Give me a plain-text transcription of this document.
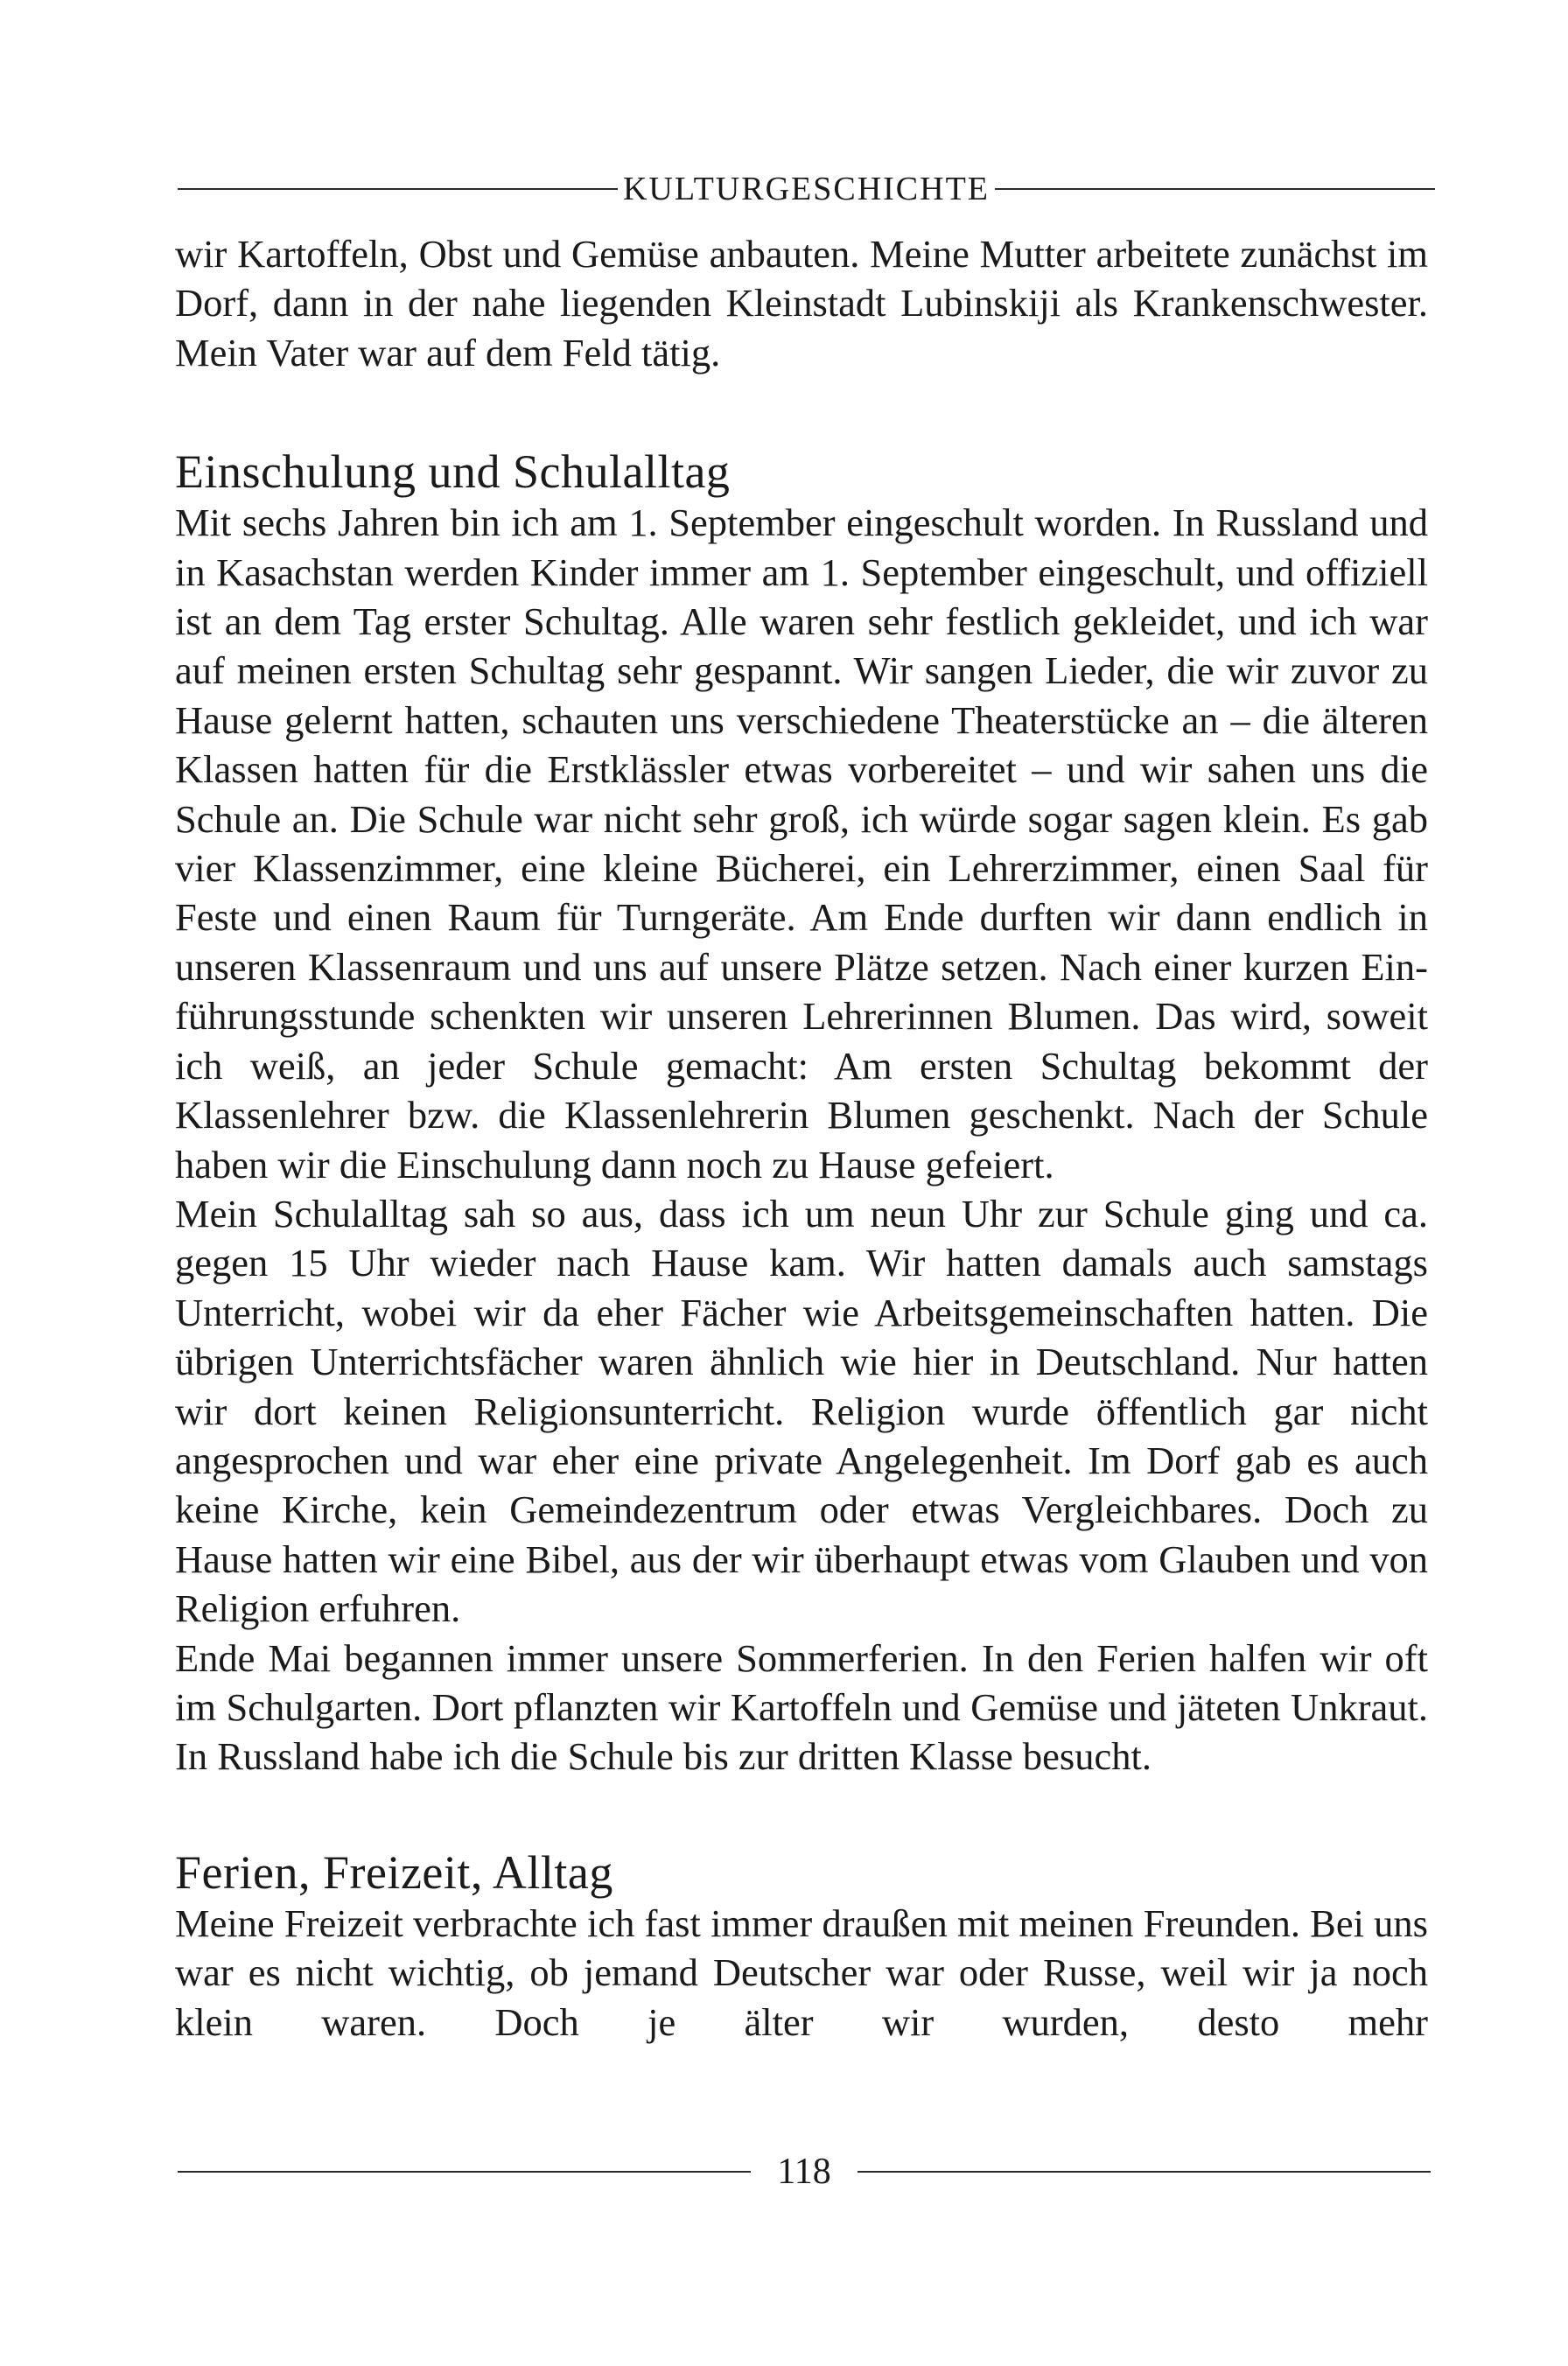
KULTURGESCHICHTE

wir Kartoffeln, Obst und Gemüse anbauten. Meine Mutter arbeitete zunächst im Dorf, dann in der nahe liegenden Kleinstadt Lubinskiji als Krankenschwester. Mein Vater war auf dem Feld tätig.

Einschulung und Schulalltag

Mit sechs Jahren bin ich am 1. September eingeschult worden. In Russland und in Kasachstan werden Kinder immer am 1. September eingeschult, und offiziell ist an dem Tag erster Schultag. Alle waren sehr festlich gekleidet, und ich war auf meinen ersten Schultag sehr gespannt. Wir sangen Lieder, die wir zuvor zu Hause gelernt hatten, schauten uns verschiedene Theaterstücke an – die älteren Klassen hatten für die Erstklässler etwas vorbereitet – und wir sahen uns die Schule an. Die Schule war nicht sehr groß, ich würde sogar sagen klein. Es gab vier Klassenzimmer, eine kleine Bücherei, ein Lehrerzimmer, einen Saal für Feste und einen Raum für Turngeräte. Am Ende durften wir dann endlich in unseren Klassenraum und uns auf unsere Plätze setzen. Nach einer kurzen Einführungsstunde schenkten wir unseren Lehrerinnen Blumen. Das wird, soweit ich weiß, an jeder Schule gemacht: Am ersten Schultag bekommt der Klassenlehrer bzw. die Klassenlehrerin Blumen geschenkt. Nach der Schule haben wir die Einschulung dann noch zu Hause gefeiert.

Mein Schulalltag sah so aus, dass ich um neun Uhr zur Schule ging und ca. gegen 15 Uhr wieder nach Hause kam. Wir hatten damals auch samstags Unterricht, wobei wir da eher Fächer wie Arbeitsgemeinschaften hatten. Die übrigen Unterrichtsfächer waren ähnlich wie hier in Deutschland. Nur hatten wir dort keinen Religionsunterricht. Religion wurde öffentlich gar nicht angesprochen und war eher eine private Angelegenheit. Im Dorf gab es auch keine Kirche, kein Gemeindezentrum oder etwas Vergleichbares. Doch zu Hause hatten wir eine Bibel, aus der wir überhaupt etwas vom Glauben und von Religion erfuhren.

Ende Mai begannen immer unsere Sommerferien. In den Ferien halfen wir oft im Schulgarten. Dort pflanzten wir Kartoffeln und Gemüse und jäteten Unkraut. In Russland habe ich die Schule bis zur dritten Klasse besucht.

Ferien, Freizeit, Alltag

Meine Freizeit verbrachte ich fast immer draußen mit meinen Freunden. Bei uns war es nicht wichtig, ob jemand Deutscher war oder Russe, weil wir ja noch klein waren. Doch je älter wir wurden, desto mehr

118
